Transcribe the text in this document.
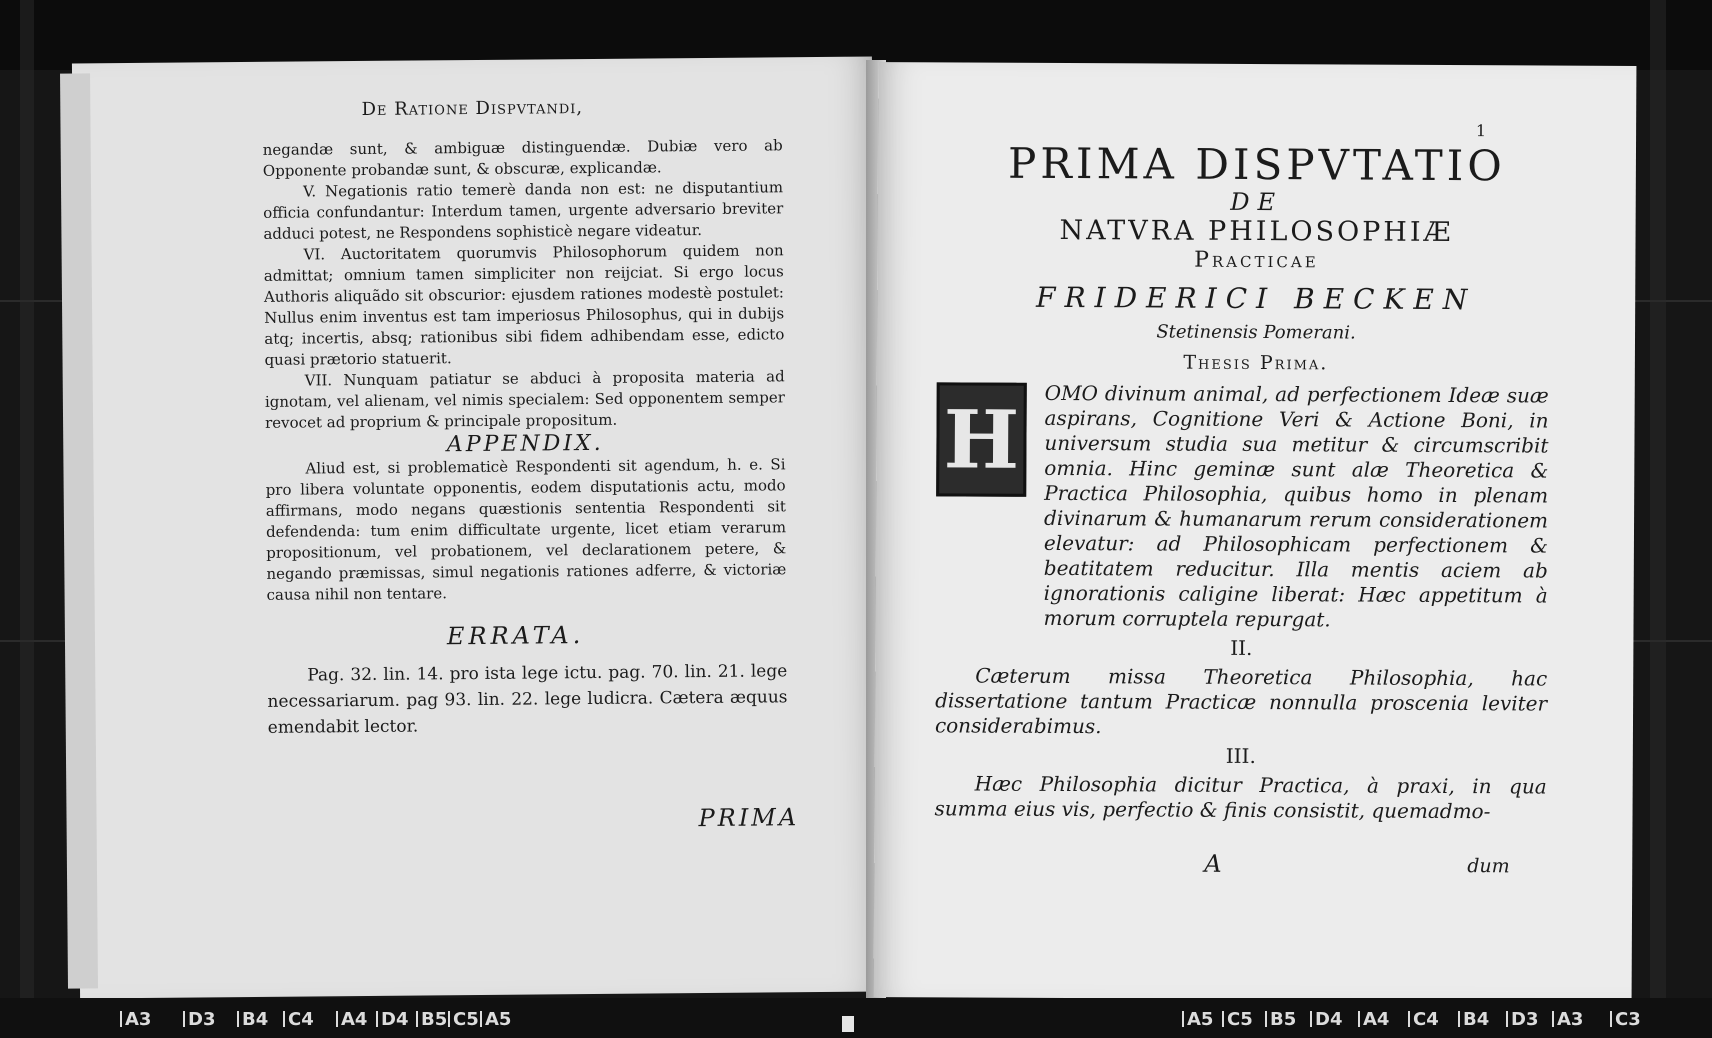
De Ratione Dispvtandi,

negandæ sunt, & ambiguæ distinguendæ. Dubiæ vero ab Opponente probandæ sunt, & obscuræ, explicandæ.

V. Negationis ratio temerè danda non est: ne disputantium officia confundantur: Interdum tamen, urgente adversario breviter adduci potest, ne Respondens sophisticè negare videatur.

VI. Auctoritatem quorumvis Philosophorum quidem non admittat; omnium tamen simpliciter non reijciat. Si ergo locus Authoris aliquãdo sit obscurior: ejusdem rationes modestè postulet: Nullus enim inventus est tam imperiosus Philosophus, qui in dubijs atq; incertis, absq; rationibus sibi fidem adhibendam esse, edicto quasi prætorio statuerit.

VII. Nunquam patiatur se abduci à proposita materia ad ignotam, vel alienam, vel nimis specialem: Sed opponentem semper revocet ad proprium & principale propositum.

APPENDIX.

Aliud est, si problematicè Respondenti sit agendum, h. e. Si pro libera voluntate opponentis, eodem disputationis actu, modo affirmans, modo negans quæstionis sententia Respondenti sit defendenda: tum enim difficultate urgente, licet etiam verarum propositionum, vel probationem, vel declarationem petere, & negando præmissas, simul negationis rationes adferre, & victoriæ causa nihil non tentare.

ERRATA.

Pag. 32. lin. 14. pro ista lege ictu. pag. 70. lin. 21. lege necessariarum. pag 93. lin. 22. lege ludicra. Cætera æquus emendabit lector.

PRIMA
1
PRIMA DISPVTATIO
DE
NATVRA PHILOSOPHIÆ
Practicae
FRIDERICI BECKEN
Stetinensis Pomerani.
Thesis Prima.
H	OMO divinum animal, ad perfectionem Ideæ suæ aspirans, Cognitione Veri & Actione Boni, in universum studia sua metitur & circumscribit omnia. Hinc geminæ sunt alæ Theoretica & Practica Philosophia, quibus homo in plenam divinarum & humanarum rerum considerationem elevatur: ad Philosophicam perfectionem & beatitatem reducitur. Illa mentis aciem ab ignorationis caligine liberat: Hæc appetitum à morum corruptela repurgat.

II.

Cæterum missa Theoretica Philosophia, hac dissertatione tantum Practicæ nonnulla proscenia leviter considerabimus.

III.

Hæc Philosophia dicitur Practica, à praxi, in qua summa eius vis, perfectio & finis consistit, quemadmo-

A	dum
A3 D3 B4 C4 A4 D4 B5 C5 A5	A5 C5 B5 D4 A4 C4 B4 D3 A3 C3
